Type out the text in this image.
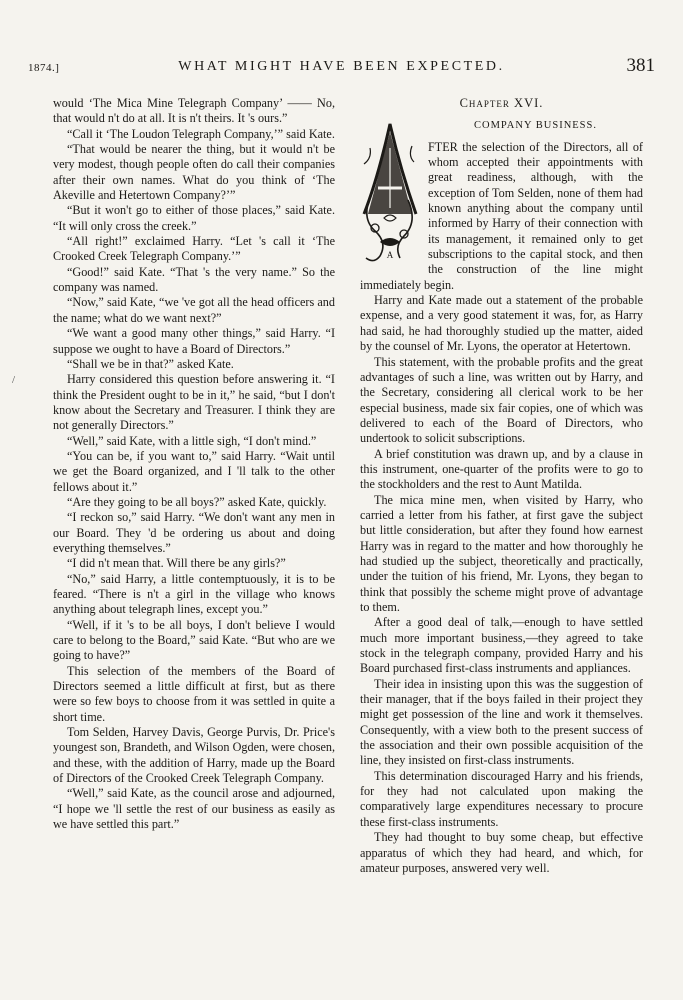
1874.]	WHAT MIGHT HAVE BEEN EXPECTED.	381
/

would ‘The Mica Mine Telegraph Company’ —— No, that would n't do at all. It is n't theirs. It 's ours.”

“Call it ‘The Loudon Telegraph Company,’” said Kate.

“That would be nearer the thing, but it would n't be very modest, though people often do call their companies after their own names. What do you think of ‘The Akeville and Hetertown Company?’”

“But it won't go to either of those places,” said Kate. “It will only cross the creek.”

“All right!” exclaimed Harry. “Let 's call it ‘The Crooked Creek Telegraph Company.’”

“Good!” said Kate. “That 's the very name.” So the company was named.

“Now,” said Kate, “we 've got all the head officers and the name; what do we want next?”

“We want a good many other things,” said Harry. “I suppose we ought to have a Board of Directors.”

“Shall we be in that?” asked Kate.

Harry considered this question before answering it. “I think the President ought to be in it,” he said, “but I don't know about the Secretary and Treasurer. I think they are not generally Directors.”

“Well,” said Kate, with a little sigh, “I don't mind.”

“You can be, if you want to,” said Harry. “Wait until we get the Board organized, and I 'll talk to the other fellows about it.”

“Are they going to be all boys?” asked Kate, quickly.

“I reckon so,” said Harry. “We don't want any men in our Board. They 'd be ordering us about and doing everything themselves.”

“I did n't mean that. Will there be any girls?”

“No,” said Harry, a little contemptuously, it is to be feared. “There is n't a girl in the village who knows anything about telegraph lines, except you.”

“Well, if it 's to be all boys, I don't believe I would care to belong to the Board,” said Kate. “But who are we going to have?”

This selection of the members of the Board of Directors seemed a little difficult at first, but as there were so few boys to choose from it was settled in quite a short time.

Tom Selden, Harvey Davis, George Purvis, Dr. Price's youngest son, Brandeth, and Wilson Ogden, were chosen, and these, with the addition of Harry, made up the Board of Directors of the Crooked Creek Telegraph Company.

“Well,” said Kate, as the council arose and adjourned, “I hope we 'll settle the rest of our business as easily as we have settled this part.”

Chapter XVI.
A
COMPANY BUSINESS.

FTER the selection of the Directors, all of whom accepted their appointments with great readiness, although, with the exception of Tom Selden, none of them had known anything about the company until informed by Harry of their connection with its management, it remained only to get subscriptions to the capital stock, and then the construction of the line might immediately begin.

Harry and Kate made out a statement of the probable expense, and a very good statement it was, for, as Harry had said, he had thoroughly studied up the matter, aided by the counsel of Mr. Lyons, the operator at Hetertown.

This statement, with the probable profits and the great advantages of such a line, was written out by Harry, and the Secretary, considering all clerical work to be her especial business, made six fair copies, one of which was delivered to each of the Board of Directors, who undertook to solicit subscriptions.

A brief constitution was drawn up, and by a clause in this instrument, one-quarter of the profits were to go to the stockholders and the rest to Aunt Matilda.

The mica mine men, when visited by Harry, who carried a letter from his father, at first gave the subject but little consideration, but after they found how earnest Harry was in regard to the matter and how thoroughly he had studied up the subject, theoretically and practically, under the tuition of his friend, Mr. Lyons, they began to think that possibly the scheme might prove of advantage to them.

After a good deal of talk,—enough to have settled much more important business,—they agreed to take stock in the telegraph company, provided Harry and his Board purchased first-class instruments and appliances.

Their idea in insisting upon this was the suggestion of their manager, that if the boys failed in their project they might get possession of the line and work it themselves. Consequently, with a view both to the present success of the association and their own possible acquisition of the line, they insisted on first-class instruments.

This determination discouraged Harry and his friends, for they had not calculated upon making the comparatively large expenditures necessary to procure these first-class instruments.

They had thought to buy some cheap, but effective apparatus of which they had heard, and which, for amateur purposes, answered very well.
